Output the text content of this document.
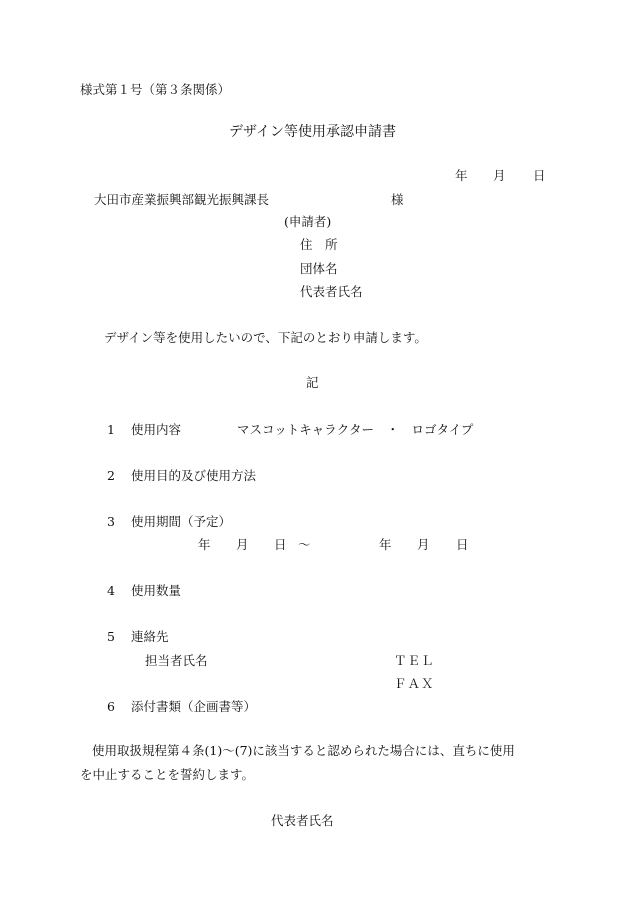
様式第１号（第３条関係）
デザイン等使用承認申請書
年 月 日
大田市産業振興部観光振興課長	様
(申請者)
住　所
団体名
代表者氏名
デザイン等を使用したいので、下記のとおり申請します。
記
1 使用内容	マスコットキャラクター　・　ロゴタイプ
2 使用目的及び使用方法
3 使用期間（予定）
年 月 日 〜	年 月 日
4 使用数量
5 連絡先
担当者氏名	ＴＥＬ
ＦＡＸ
6 添付書類（企画書等）
使用取扱規程第４条(1)～(7)に該当すると認められた場合には、直ちに使用
を中止することを誓約します。
代表者氏名
